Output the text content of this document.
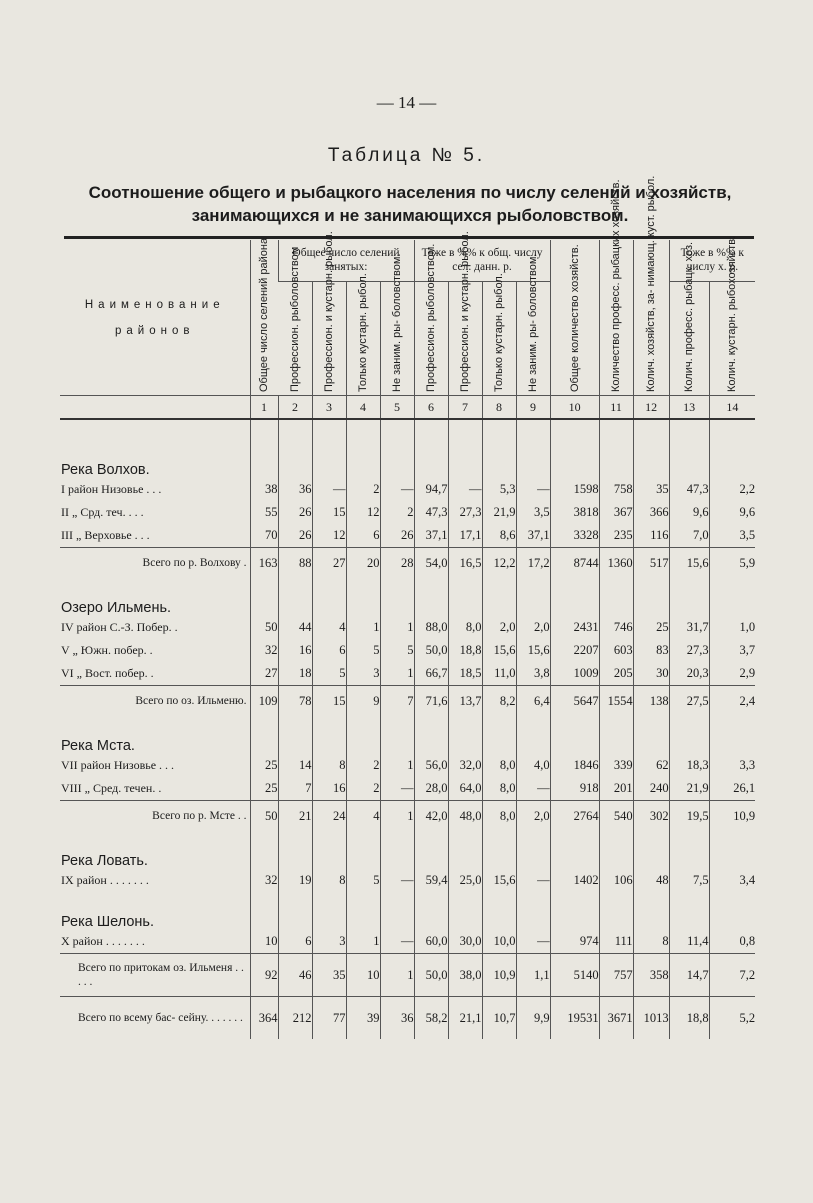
— 14 —
Таблица № 5.
Соотношение общего и рыбацкого населения по числу селений и хозяйств,
занимающихся и не занимающихся рыболовством.
Наименование
районов	Общее число селений района	Общее число селений занятых:				Тоже в %% к общ. числу сел. данн. р.				Общее количество хозяйств.	Количество професс. рыбацких хозяйств.	Колич. хозяйств, за- нимающ. куст. рыбол.	Тоже в %% к числу х. р.	

		Профессион. рыболовством	Профессион. и кустарн. рыбол.	Только кустарн. рыбол.	Не заним. ры- боловством.	Профессион. рыболовством.	Профессион. и кустарн. рыбол.	Только кустарн. рыбол.	Не заним. ры- боловством.				Колич. професс. рыбацк. хоз.	Колич. кустарн. рыбохозяйств.

	1	2	3	4	5	6	7	8	9	10	11	12	13	14

Река Волхов.														
I район Низовье . . .	38	36	—	2	—	94,7	—	5,3	—	1598	758	35	47,3	2,2
II „ Срд. теч. . . .	55	26	15	12	2	47,3	27,3	21,9	3,5	3818	367	366	9,6	9,6
III „ Верховье . . .	70	26	12	6	26	37,1	17,1	8,6	37,1	3328	235	116	7,0	3,5
Всего по р. Волхову .	163	88	27	20	28	54,0	16,5	12,2	17,2	8744	1360	517	15,6	5,9
Озеро Ильмень.														
IV район С.-З. Побер. .	50	44	4	1	1	88,0	8,0	2,0	2,0	2431	746	25	31,7	1,0
V „ Южн. побер. .	32	16	6	5	5	50,0	18,8	15,6	15,6	2207	603	83	27,3	3,7
VI „ Вост. побер. .	27	18	5	3	1	66,7	18,5	11,0	3,8	1009	205	30	20,3	2,9
Всего по оз. Ильменю.	109	78	15	9	7	71,6	13,7	8,2	6,4	5647	1554	138	27,5	2,4
Река Мста.														
VII район Низовье . . .	25	14	8	2	1	56,0	32,0	8,0	4,0	1846	339	62	18,3	3,3
VIII „ Сред. течен. .	25	7	16	2	—	28,0	64,0	8,0	—	918	201	240	21,9	26,1
Всего по р. Мсте . .	50	21	24	4	1	42,0	48,0	8,0	2,0	2764	540	302	19,5	10,9
Река Ловать.														
IX район . . . . . . .	32	19	8	5	—	59,4	25,0	15,6	—	1402	106	48	7,5	3,4
Река Шелонь.														
X район . . . . . . .	10	6	3	1	—	60,0	30,0	10,0	—	974	111	8	11,4	0,8
Всего по притокам оз. Ильменя . . . . .	92	46	35	10	1	50,0	38,0	10,9	1,1	5140	757	358	14,7	7,2
Всего по всему бас- сейну. . . . . . .	364	212	77	39	36	58,2	21,1	10,7	9,9	19531	3671	1013	18,8	5,2
